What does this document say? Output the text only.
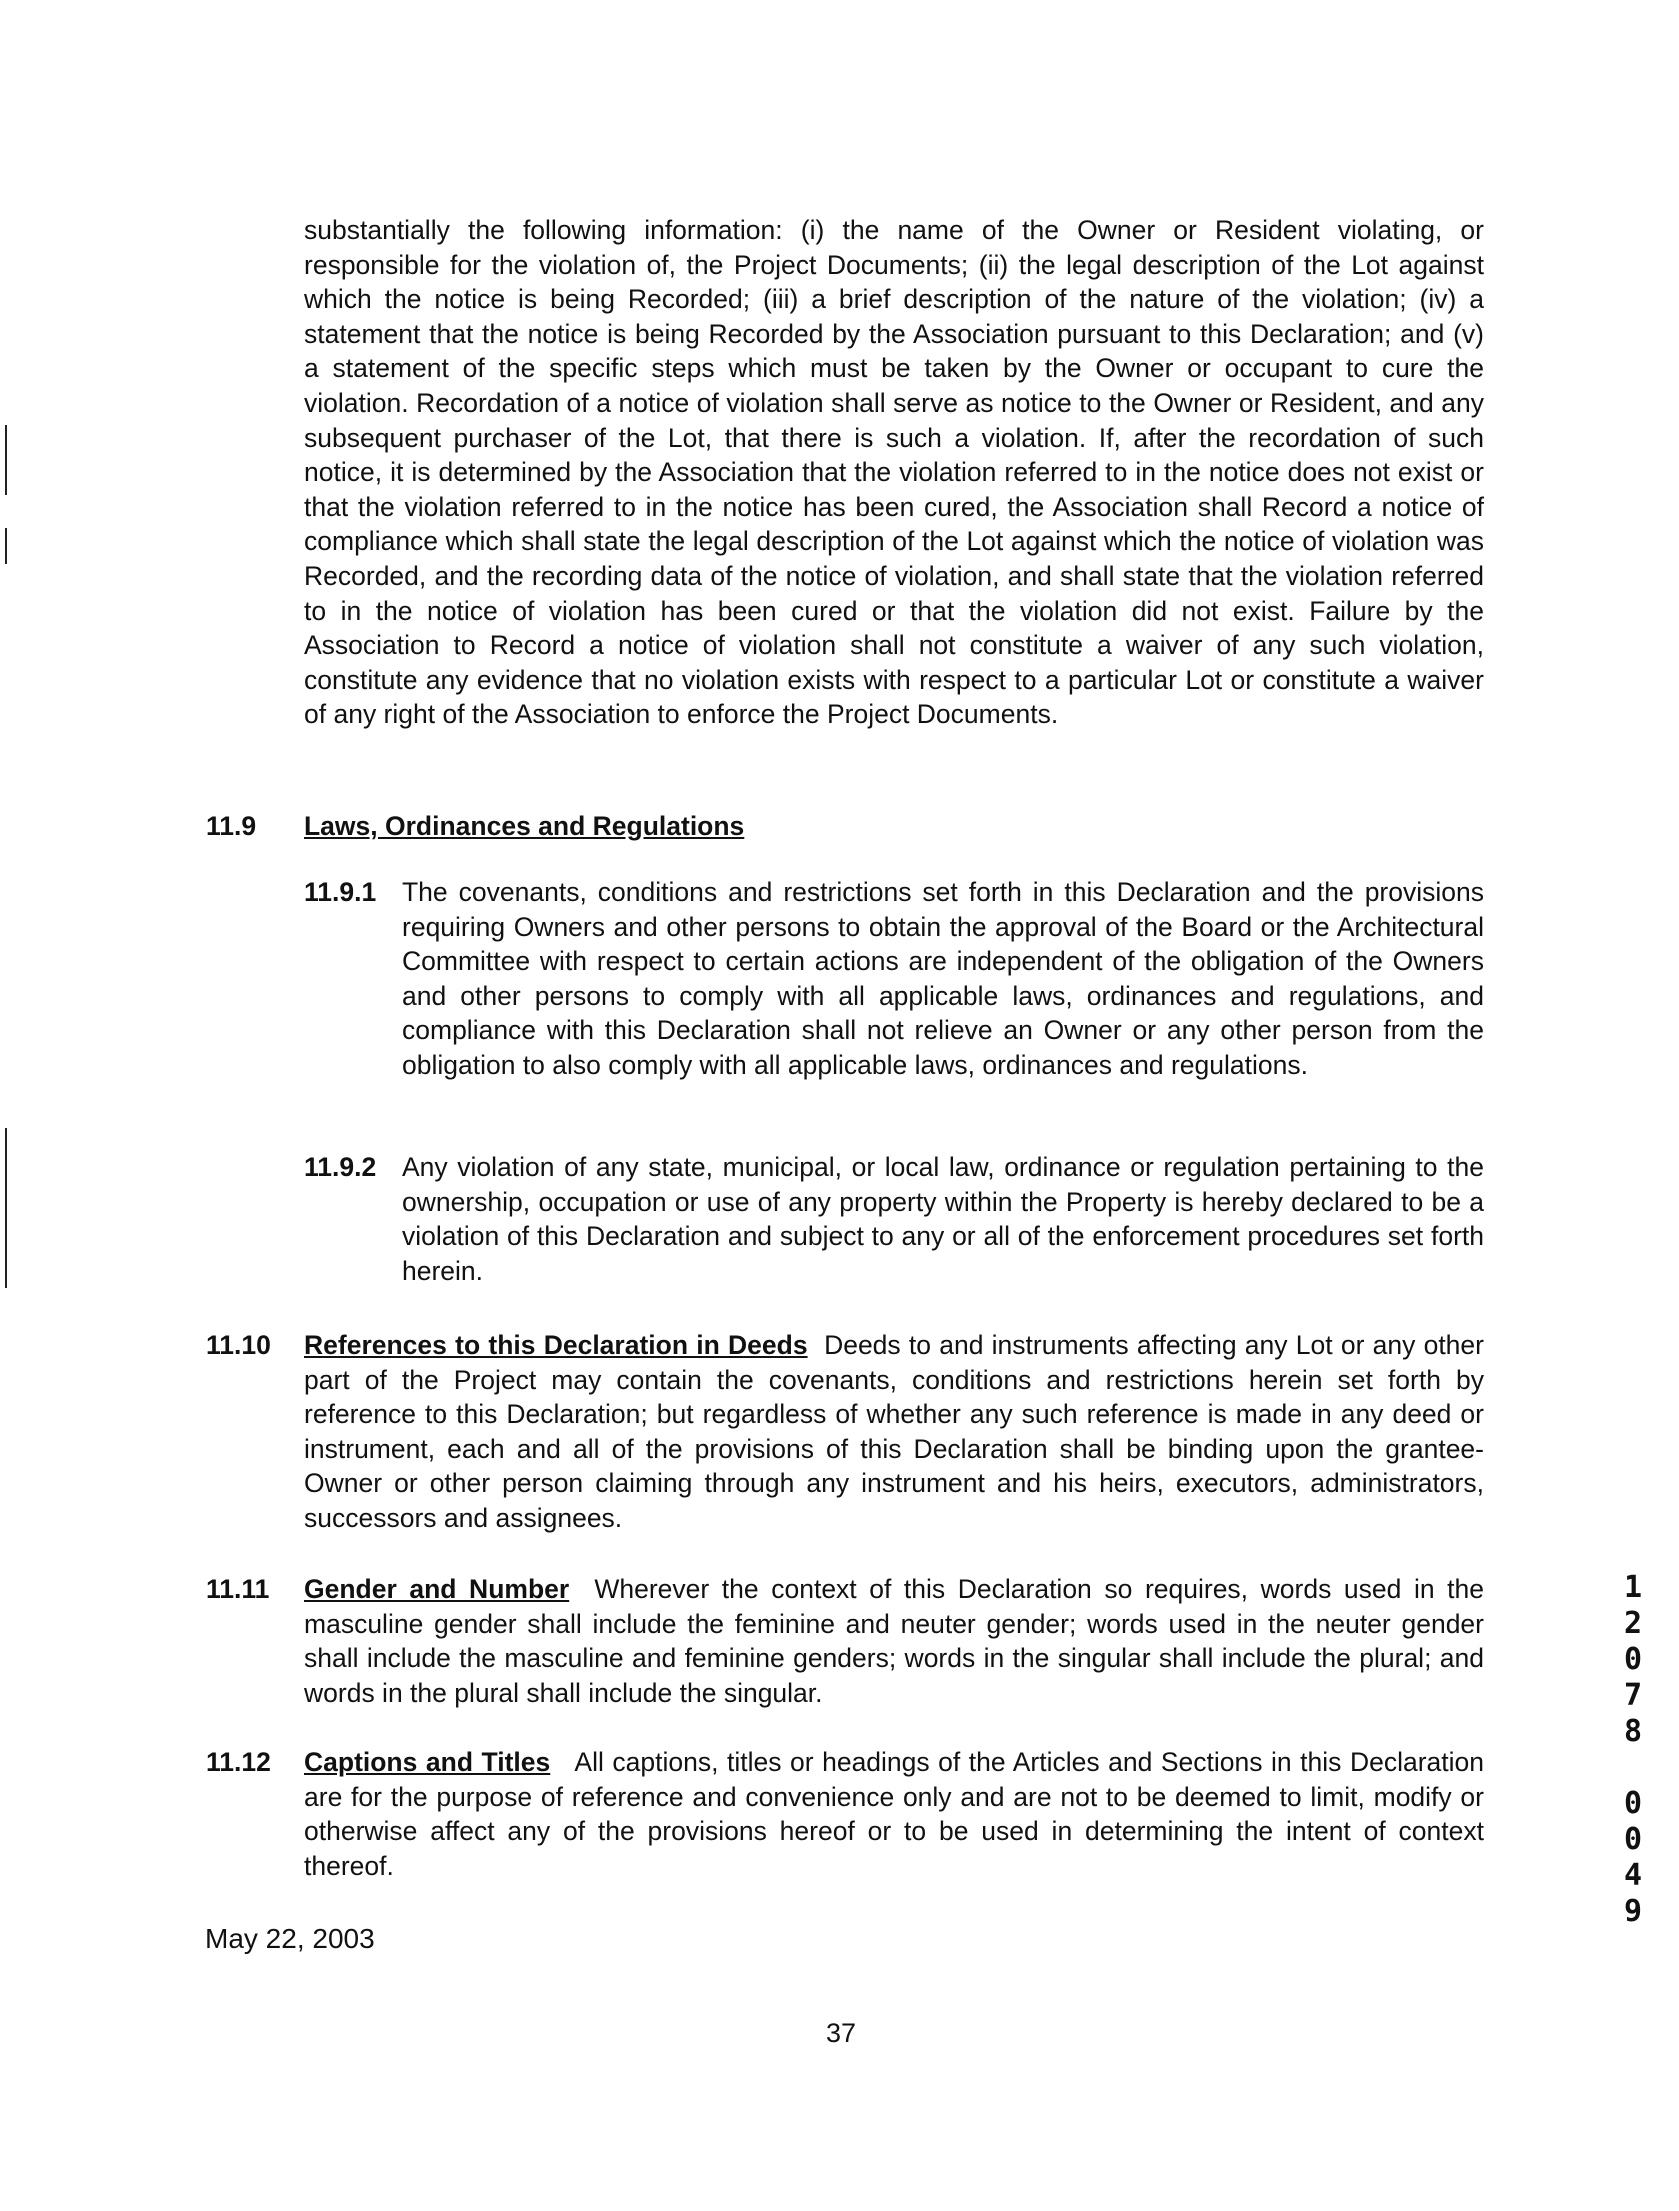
substantially the following information: (i) the name of the Owner or Resident violating, or responsible for the violation of, the Project Documents; (ii) the legal description of the Lot against which the notice is being Recorded; (iii) a brief description of the nature of the violation; (iv) a statement that the notice is being Recorded by the Association pursuant to this Declaration; and (v) a statement of the specific steps which must be taken by the Owner or occupant to cure the violation. Recordation of a notice of violation shall serve as notice to the Owner or Resident, and any subsequent purchaser of the Lot, that there is such a violation. If, after the recordation of such notice, it is determined by the Association that the violation referred to in the notice does not exist or that the violation referred to in the notice has been cured, the Association shall Record a notice of compliance which shall state the legal description of the Lot against which the notice of violation was Recorded, and the recording data of the notice of violation, and shall state that the violation referred to in the notice of violation has been cured or that the violation did not exist. Failure by the Association to Record a notice of violation shall not constitute a waiver of any such violation, constitute any evidence that no violation exists with respect to a particular Lot or constitute a waiver of any right of the Association to enforce the Project Documents.

11.9 Laws, Ordinances and Regulations
11.9.1 The covenants, conditions and restrictions set forth in this Declaration and the provisions requiring Owners and other persons to obtain the approval of the Board or the Architectural Committee with respect to certain actions are independent of the obligation of the Owners and other persons to comply with all applicable laws, ordinances and regulations, and compliance with this Declaration shall not relieve an Owner or any other person from the obligation to also comply with all applicable laws, ordinances and regulations.

11.9.2 Any violation of any state, municipal, or local law, ordinance or regulation pertaining to the ownership, occupation or use of any property within the Property is hereby declared to be a violation of this Declaration and subject to any or all of the enforcement procedures set forth herein.

11.10 References to this Declaration in Deeds Deeds to and instruments affecting any Lot or any other part of the Project may contain the covenants, conditions and restrictions herein set forth by reference to this Declaration; but regardless of whether any such reference is made in any deed or instrument, each and all of the provisions of this Declaration shall be binding upon the grantee-Owner or other person claiming through any instrument and his heirs, executors, administrators, successors and assignees.

11.11 Gender and Number Wherever the context of this Declaration so requires, words used in the masculine gender shall include the feminine and neuter gender; words used in the neuter gender shall include the masculine and feminine genders; words in the singular shall include the plural; and words in the plural shall include the singular.

11.12 Captions and Titles All captions, titles or headings of the Articles and Sections in this Declaration are for the purpose of reference and convenience only and are not to be deemed to limit, modify or otherwise affect any of the provisions hereof or to be used in determining the intent of context thereof.

May 22, 2003
37
1
2
0
7
8
0
0
4
9
